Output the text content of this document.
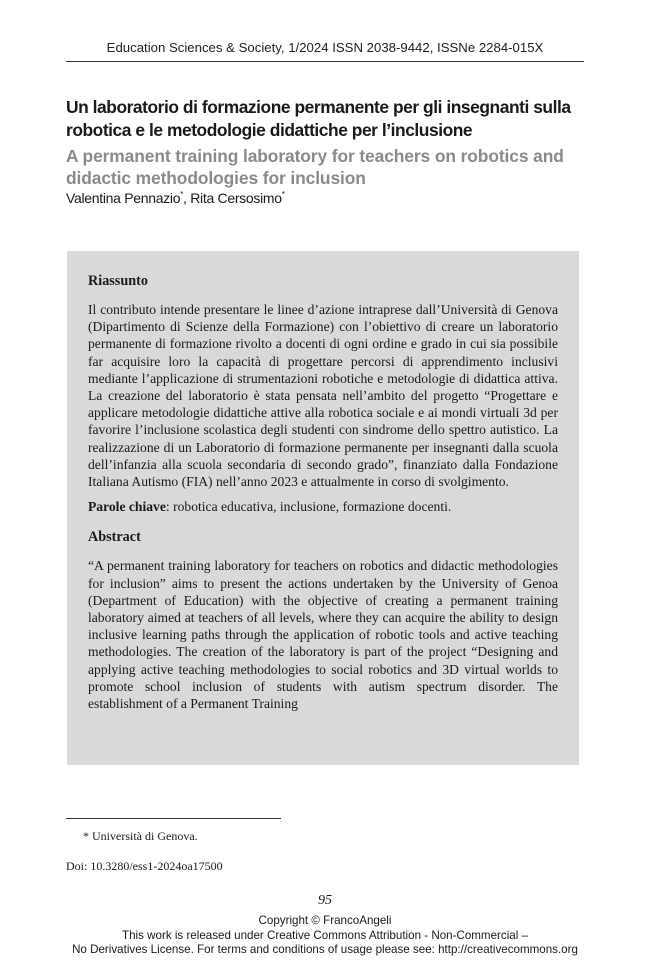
Education Sciences & Society, 1/2024 ISSN 2038-9442, ISSNe 2284-015X
Un laboratorio di formazione permanente per gli insegnanti sulla robotica e le metodologie didattiche per l’inclusione
A permanent training laboratory for teachers on robotics and didactic methodologies for inclusion
Valentina Pennazio*, Rita Cersosimo*
Riassunto

Il contributo intende presentare le linee d’azione intraprese dall’Università di Genova (Dipartimento di Scienze della Formazione) con l’obiettivo di creare un laboratorio permanente di formazione rivolto a docenti di ogni ordine e grado in cui sia possibile far acquisire loro la capacità di progettare percorsi di apprendimento inclusivi mediante l’applicazione di strumentazioni robotiche e metodologie di didattica attiva. La creazione del laboratorio è stata pensata nell’ambito del progetto “Progettare e applicare metodologie didattiche attive alla robotica sociale e ai mondi virtuali 3d per favorire l’inclusione scolastica degli studenti con sindrome dello spettro autistico. La realizzazione di un Laboratorio di formazione permanente per insegnanti dalla scuola dell’infanzia alla scuola secondaria di secondo grado”, finanziato dalla Fondazione Italiana Autismo (FIA) nell’anno 2023 e attualmente in corso di svolgimento.

Parole chiave: robotica educativa, inclusione, formazione docenti.

Abstract

“A permanent training laboratory for teachers on robotics and didactic methodologies for inclusion” aims to present the actions undertaken by the University of Genoa (Department of Education) with the objective of creating a permanent training laboratory aimed at teachers of all levels, where they can acquire the ability to design inclusive learning paths through the application of robotic tools and active teaching methodologies. The creation of the laboratory is part of the project “Designing and applying active teaching methodologies to social robotics and 3D virtual worlds to promote school inclusion of students with autism spectrum disorder. The establishment of a Permanent Training

* Università di Genova.
Doi: 10.3280/ess1-2024oa17500
95
Copyright © FrancoAngeli
This work is released under Creative Commons Attribution - Non-Commercial –
No Derivatives License. For terms and conditions of usage please see: http://creativecommons.org
